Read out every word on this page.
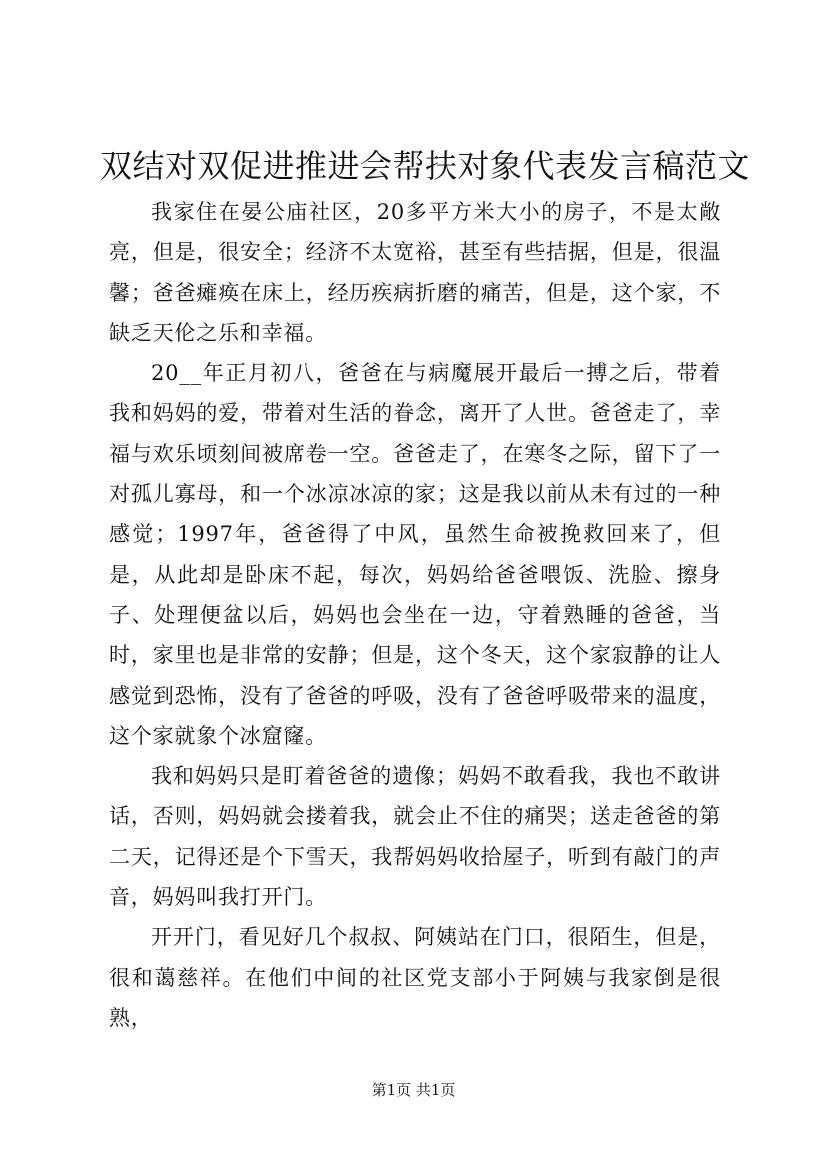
双结对双促进推进会帮扶对象代表发言稿范文

我家住在晏公庙社区，20多平方米大小的房子，不是太敞亮，但是，很安全；经济不太宽裕，甚至有些拮据，但是，很温馨；爸爸瘫痪在床上，经历疾病折磨的痛苦，但是，这个家，不缺乏天伦之乐和幸福。

20__年正月初八，爸爸在与病魔展开最后一搏之后，带着我和妈妈的爱，带着对生活的眷念，离开了人世。爸爸走了，幸福与欢乐顷刻间被席卷一空。爸爸走了，在寒冬之际，留下了一对孤儿寡母，和一个冰凉冰凉的家；这是我以前从未有过的一种感觉；1997年，爸爸得了中风，虽然生命被挽救回来了，但是，从此却是卧床不起，每次，妈妈给爸爸喂饭、洗脸、擦身子、处理便盆以后，妈妈也会坐在一边，守着熟睡的爸爸，当时，家里也是非常的安静；但是，这个冬天，这个家寂静的让人感觉到恐怖，没有了爸爸的呼吸，没有了爸爸呼吸带来的温度，这个家就象个冰窟窿。

我和妈妈只是盯着爸爸的遗像；妈妈不敢看我，我也不敢讲话，否则，妈妈就会搂着我，就会止不住的痛哭；送走爸爸的第二天，记得还是个下雪天，我帮妈妈收拾屋子，听到有敲门的声音，妈妈叫我打开门。

开开门，看见好几个叔叔、阿姨站在门口，很陌生，但是，很和蔼慈祥。在他们中间的社区党支部小于阿姨与我家倒是很熟，

第1页 共1页
